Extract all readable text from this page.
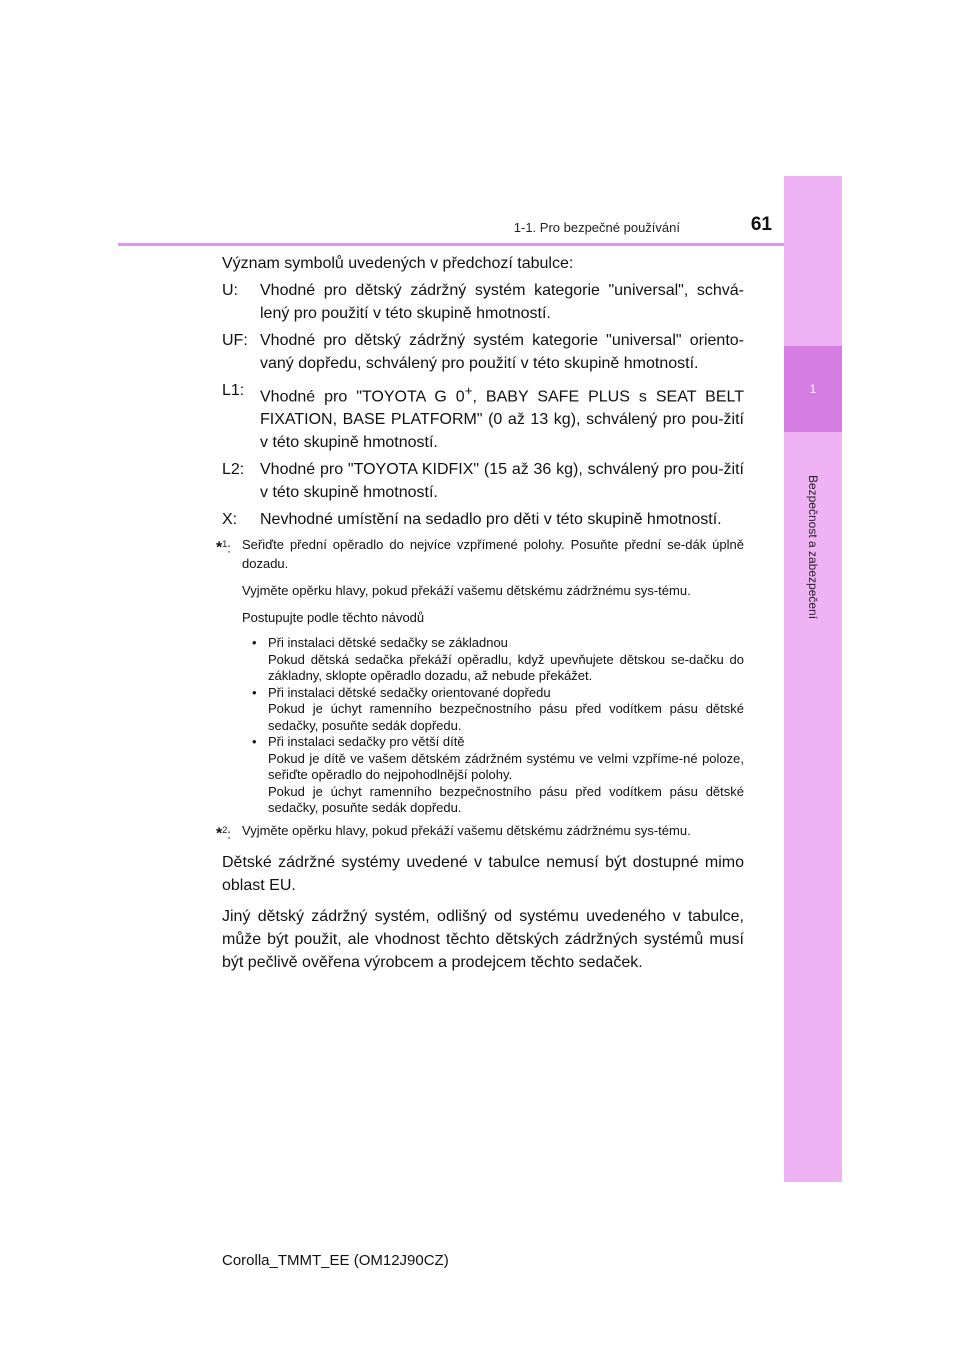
1
Bezpečnost a zabezpečení
1-1. Pro bezpečné používání	61
Význam symbolů uvedených v předchozí tabulce:
U:	Vhodné pro dětský zádržný systém kategorie "universal", schvá-lený pro použití v této skupině hmotností.
UF: Vhodné pro dětský zádržný systém kategorie "universal" oriento-vaný dopředu, schválený pro použití v této skupině hmotností.
L1: Vhodné pro "TOYOTA G 0+, BABY SAFE PLUS s SEAT BELT FIXATION, BASE PLATFORM" (0 až 13 kg), schválený pro pou-žití v této skupině hmotností.
L2: Vhodné pro "TOYOTA KIDFIX" (15 až 36 kg), schválený pro pou-žití v této skupině hmotností.
X:	Nevhodné umístění na sedadlo pro děti v této skupině hmotností.
*$^1$: Seřiďte přední opěradlo do nejvíce vzpřímené polohy. Posuňte přední se-dák úplně dozadu.

Vyjměte opěrku hlavy, pokud překáží vašemu dětskému zádržnému sys-tému.

Postupujte podle těchto návodů

• Při instalaci dětské sedačky se základnou
Pokud dětská sedačka překáží opěradlu, když upevňujete dětskou se-dačku do základny, sklopte opěradlo dozadu, až nebude překážet.
• Při instalaci dětské sedačky orientované dopředu
Pokud je úchyt ramenního bezpečnostního pásu před vodítkem pásu dětské sedačky, posuňte sedák dopředu.
• Při instalaci sedačky pro větší dítě
Pokud je dítě ve vašem dětském zádržném systému ve velmi vzpříme-né poloze, seřiďte opěradlo do nejpohodlnější polohy.
Pokud je úchyt ramenního bezpečnostního pásu před vodítkem pásu dětské sedačky, posuňte sedák dopředu.
*$^2$: Vyjměte opěrku hlavy, pokud překáží vašemu dětskému zádržnému sys-tému.

Dětské zádržné systémy uvedené v tabulce nemusí být dostupné mimo oblast EU.
Jiný dětský zádržný systém, odlišný od systému uvedeného v tabulce, může být použit, ale vhodnost těchto dětských zádržných systémů musí být pečlivě ověřena výrobcem a prodejcem těchto sedaček.
Corolla_TMMT_EE (OM12J90CZ)
